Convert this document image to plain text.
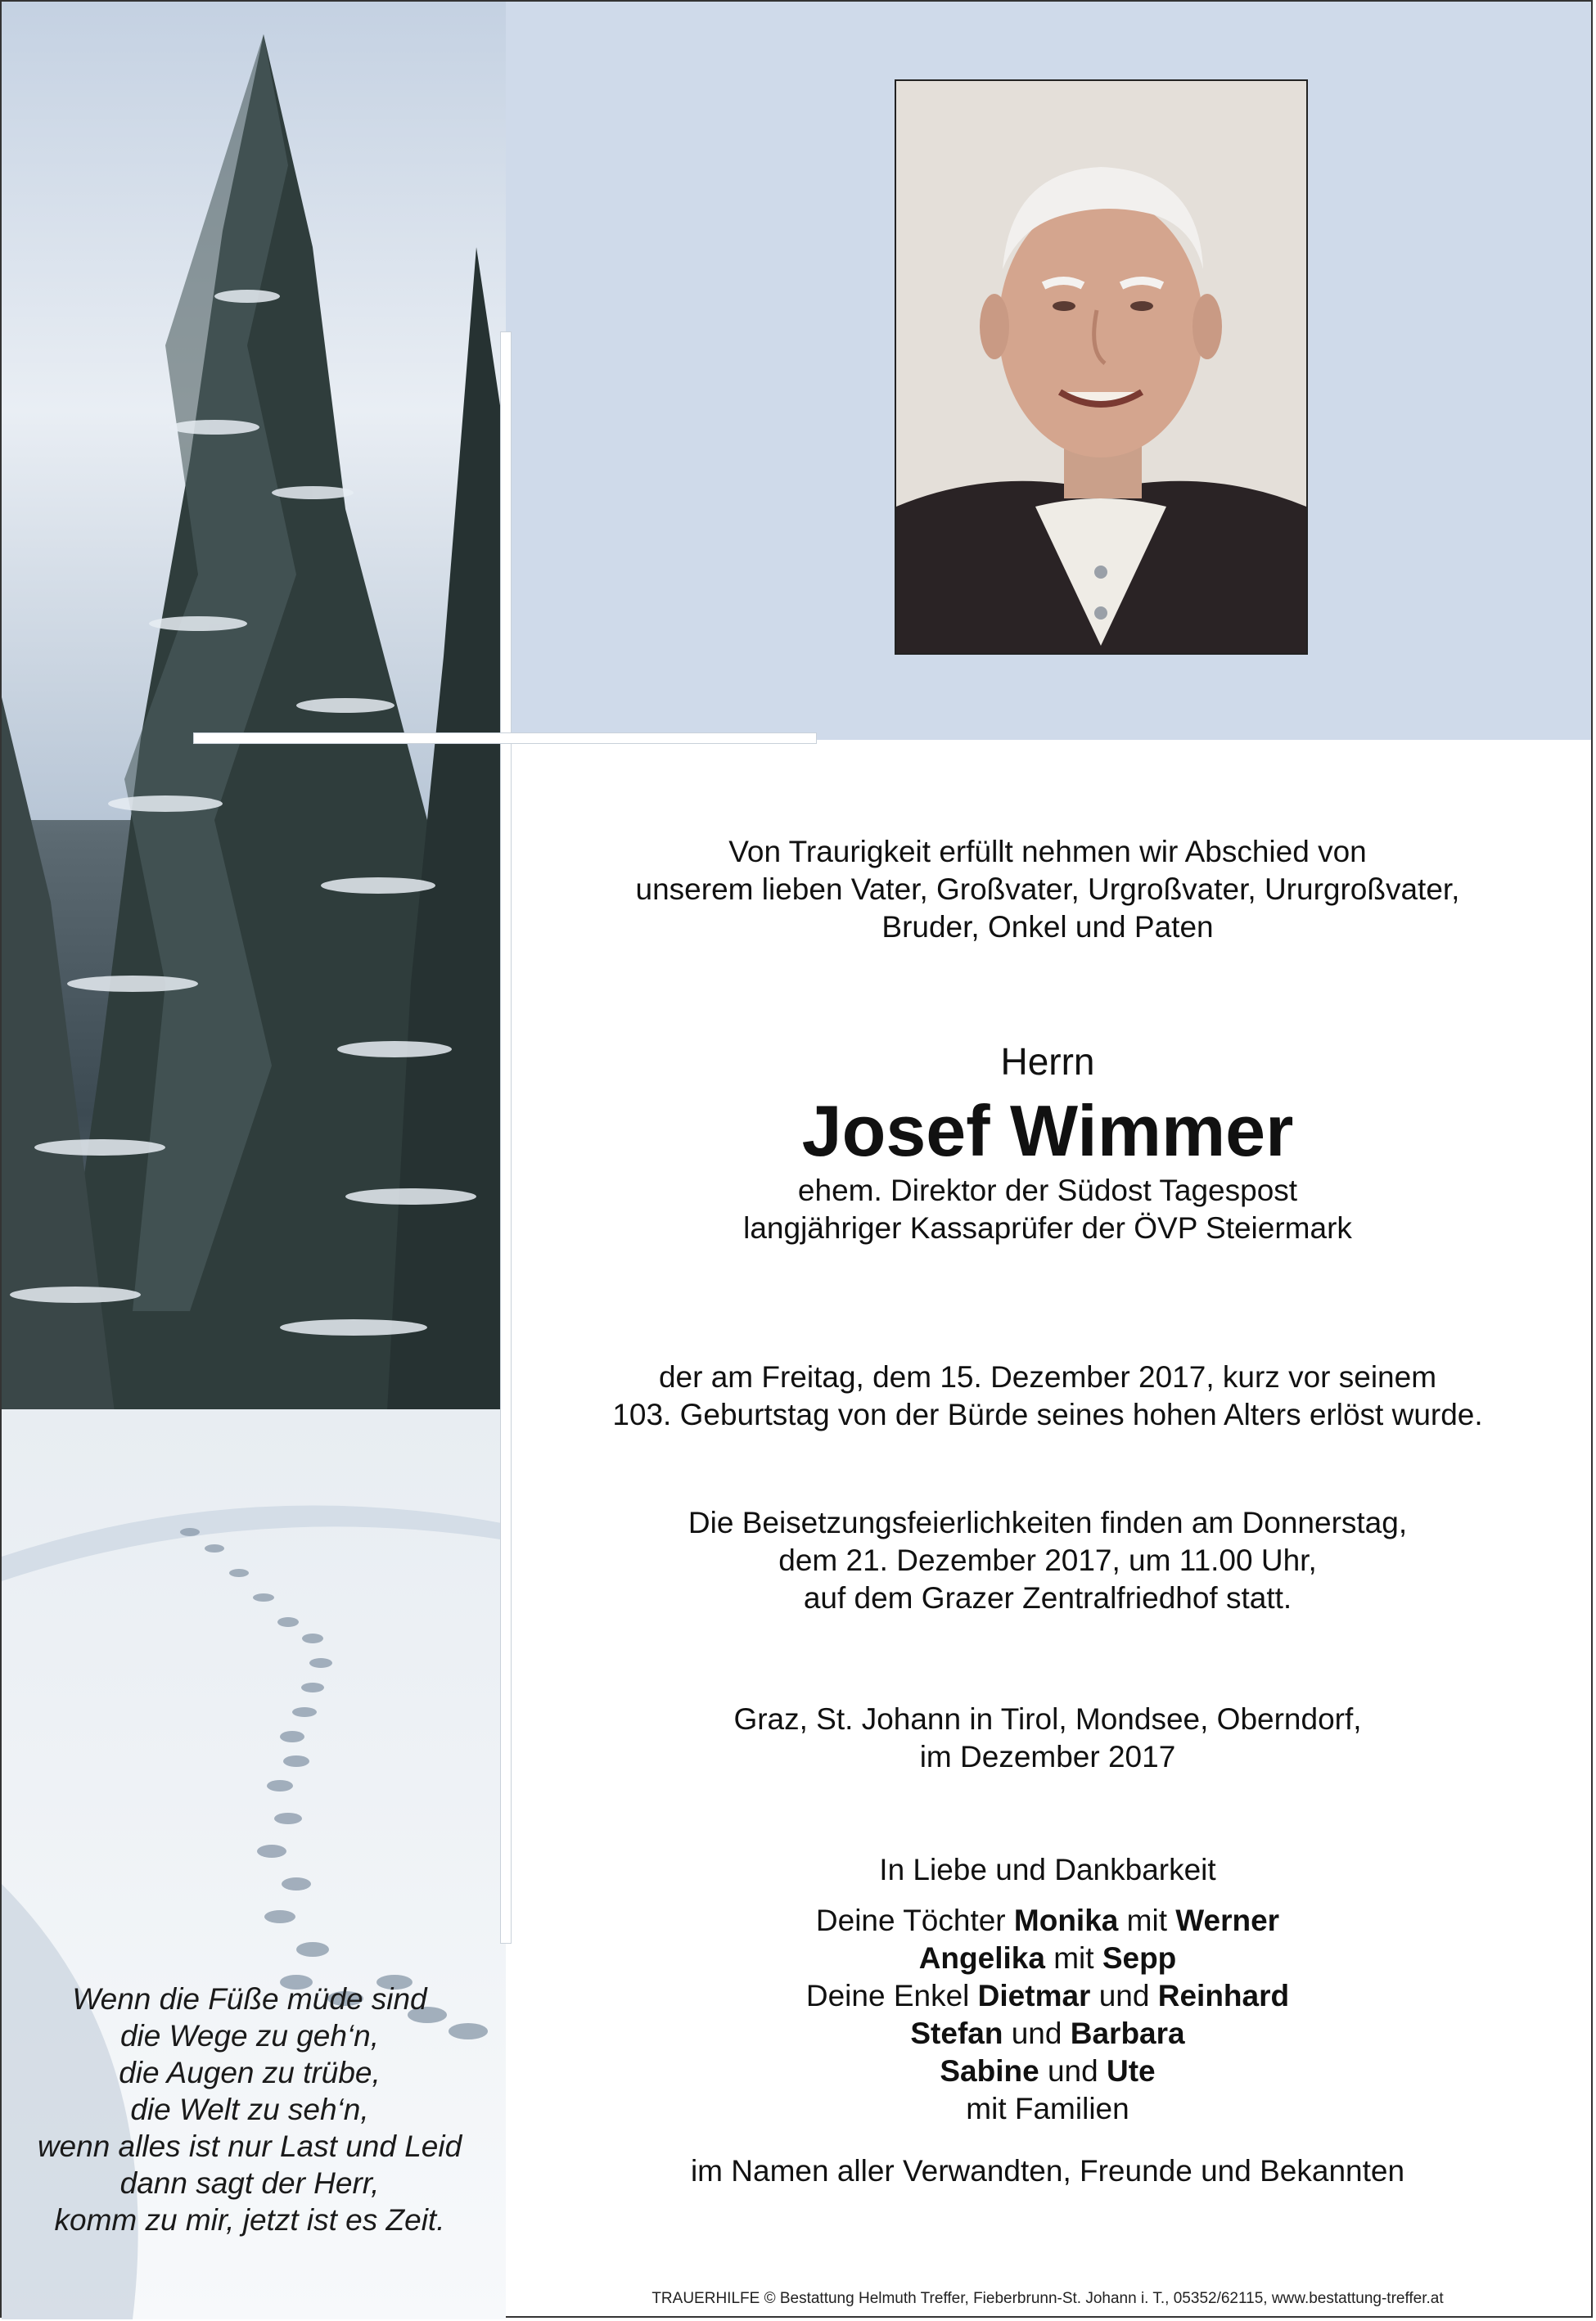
Von Traurigkeit erfüllt nehmen wir Abschied von

unserem lieben Vater, Großvater, Urgroßvater, Ururgroßvater,

Bruder, Onkel und Paten

Herrn
Josef Wimmer

ehem. Direktor der Südost Tagespost

langjähriger Kassaprüfer der ÖVP Steiermark

der am Freitag, dem 15. Dezember 2017, kurz vor seinem

103. Geburtstag von der Bürde seines hohen Alters erlöst wurde.

Die Beisetzungsfeierlichkeiten finden am Donnerstag,

dem 21. Dezember 2017, um 11.00 Uhr,

auf dem Grazer Zentralfriedhof statt.

Graz, St. Johann in Tirol, Mondsee, Oberndorf,

im Dezember 2017

In Liebe und Dankbarkeit

Deine Töchter Monika mit Werner

Angelika mit Sepp

Deine Enkel Dietmar und Reinhard

Stefan und Barbara

Sabine und Ute

mit Familien

im Namen aller Verwandten, Freunde und Bekannten
Wenn die Füße müde sind
die Wege zu geh‘n,
die Augen zu trübe,
die Welt zu seh‘n,
wenn alles ist nur Last und Leid
dann sagt der Herr,
komm zu mir, jetzt ist es Zeit.
TRAUERHILFE © Bestattung Helmuth Treffer, Fieberbrunn-St. Johann i. T., 05352/62115, www.bestattung-treffer.at
